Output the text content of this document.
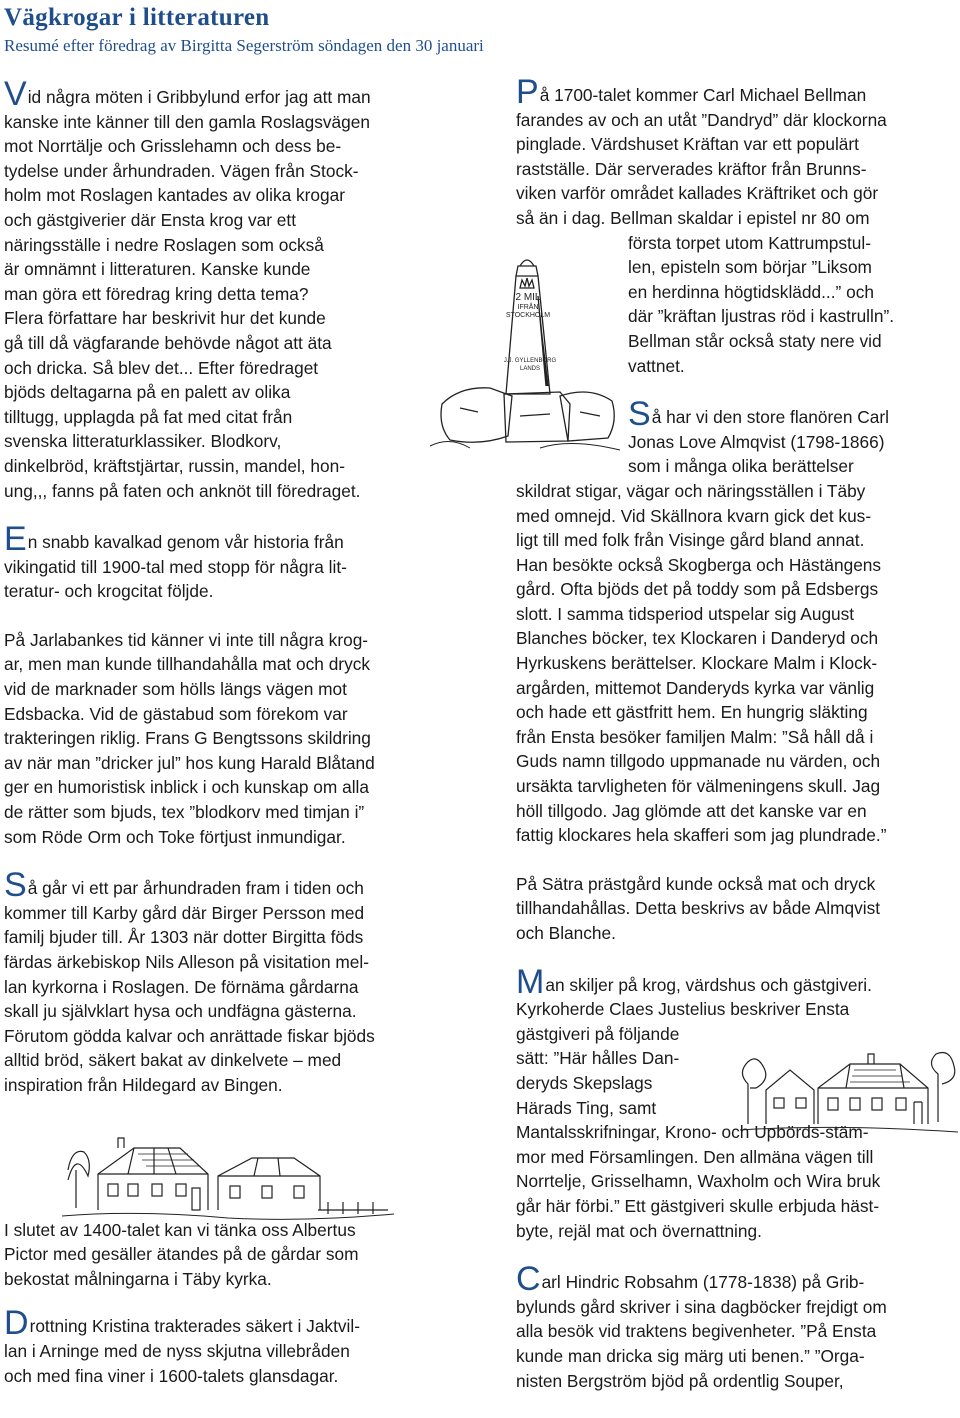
Vägkrogar i litteraturen
Resumé efter föredrag av Birgitta Segerström söndagen den 30 januari

Vid några möten i Gribbylund erfor jag att man
kanske inte känner till den gamla Roslagsvägen
mot Norrtälje och Grisslehamn och dess be-
tydelse under århundraden. Vägen från Stock-
holm mot Roslagen kantades av olika krogar
och gästgiverier där Ensta krog var ett
näringsställe i nedre Roslagen som också
är omnämnt i litteraturen. Kanske kunde
man göra ett föredrag kring detta tema?
Flera författare har beskrivit hur det kunde
gå till då vägfarande behövde något att äta
och dricka. Så blev det... Efter föredraget
bjöds deltagarna på en palett av olika
tilltugg, upplagda på fat med citat från
svenska litteraturklassiker. Blodkorv,
dinkelbröd, kräftstjärtar, russin, mandel, hon-
ung,,, fanns på faten och anknöt till föredraget.

En snabb kavalkad genom vår historia från
vikingatid till 1900-tal med stopp för några lit-
teratur- och krogcitat följde.

På Jarlabankes tid känner vi inte till några krog-
ar, men man kunde tillhandahålla mat och dryck
vid de marknader som hölls längs vägen mot
Edsbacka. Vid de gästabud som förekom var
trakteringen riklig. Frans G Bengtssons skildring
av när man ”dricker jul” hos kung Harald Blåtand
ger en humoristisk inblick i och kunskap om alla
de rätter som bjuds, tex ”blodkorv med timjan i”
som Röde Orm och Toke förtjust inmundigar.

Så går vi ett par århundraden fram i tiden och
kommer till Karby gård där Birger Persson med
familj bjuder till. År 1303 när dotter Birgitta föds
färdas ärkebiskop Nils Alleson på visitation mel-
lan kyrkorna i Roslagen. De förnäma gårdarna
skall ju självklart hysa och undfägna gästerna.
Förutom gödda kalvar och anrättade fiskar bjöds
alltid bröd, säkert bakat av dinkelvete – med
inspiration från Hildegard av Bingen.

I slutet av 1400-talet kan vi tänka oss Albertus
Pictor med gesäller ätandes på de gårdar som
bekostat målningarna i Täby kyrka.

Drottning Kristina trakterades säkert i Jaktvil-
lan i Arninge med de nyss skjutna villebråden
och med fina viner i 1600-talets glansdagar.

På 1700-talet kommer Carl Michael Bellman
farandes av och an utåt ”Dandryd” där klockorna
pinglade. Värdshuset Kräftan var ett populärt
rastställe. Där serverades kräftor från Brunns-
viken varför området kallades Kräftriket och gör
så än i dag. Bellman skaldar i epistel nr 80 om

första torpet utom Kattrumpstul-
len, episteln som börjar ”Liksom
en herdinna högtidsklädd...” och
där ”kräftan ljustras röd i kastrulln”.
Bellman står också staty nere vid
vattnet.

Så har vi den store flanören Carl
Jonas Love Almqvist (1798-1866)
som i många olika berättelser

skildrat stigar, vägar och näringsställen i Täby
med omnejd. Vid Skällnora kvarn gick det kus-
ligt till med folk från Visinge gård bland annat.
Han besökte också Skogberga och Hästängens
gård. Ofta bjöds det på toddy som på Edsbergs
slott. I samma tidsperiod utspelar sig August
Blanches böcker, tex Klockaren i Danderyd och
Hyrkuskens berättelser. Klockare Malm i Klock-
argården, mittemot Danderyds kyrka var vänlig
och hade ett gästfritt hem. En hungrig släkting
från Ensta besöker familjen Malm: ”Så håll då i
Guds namn tillgodo uppmanade nu värden, och
ursäkta tarvligheten för välmeningens skull. Jag
höll tillgodo. Jag glömde att det kanske var en
fattig klockares hela skafferi som jag plundrade.”

På Sätra prästgård kunde också mat och dryck
tillhandahållas. Detta beskrivs av både Almqvist
och Blanche.

Man skiljer på krog, värdshus och gästgiveri.
Kyrkoherde Claes Justelius beskriver Ensta
gästgiveri på följande
sätt: ”Här hålles Dan-
deryds Skepslags
Härads Ting, samt
Mantalsskrifningar, Krono- och Upbörds-stäm-
mor med Församlingen. Den allmäna vägen till
Norrtelje, Grisselhamn, Waxholm och Wira bruk
går här förbi.” Ett gästgiveri skulle erbjuda häst-
byte, rejäl mat och övernattning.

Carl Hindric Robsahm (1778-1838) på Grib-
bylunds gård skriver i sina dagböcker frejdigt om
alla besök vid traktens begivenheter. ”På Ensta
kunde man dricka sig märg uti benen.” ”Orga-
nisten Bergström bjöd på ordentlig Souper,

2 MIL
IFRÅN
STOCKHOLM
J.J. GYLLENBORG
LANDS
